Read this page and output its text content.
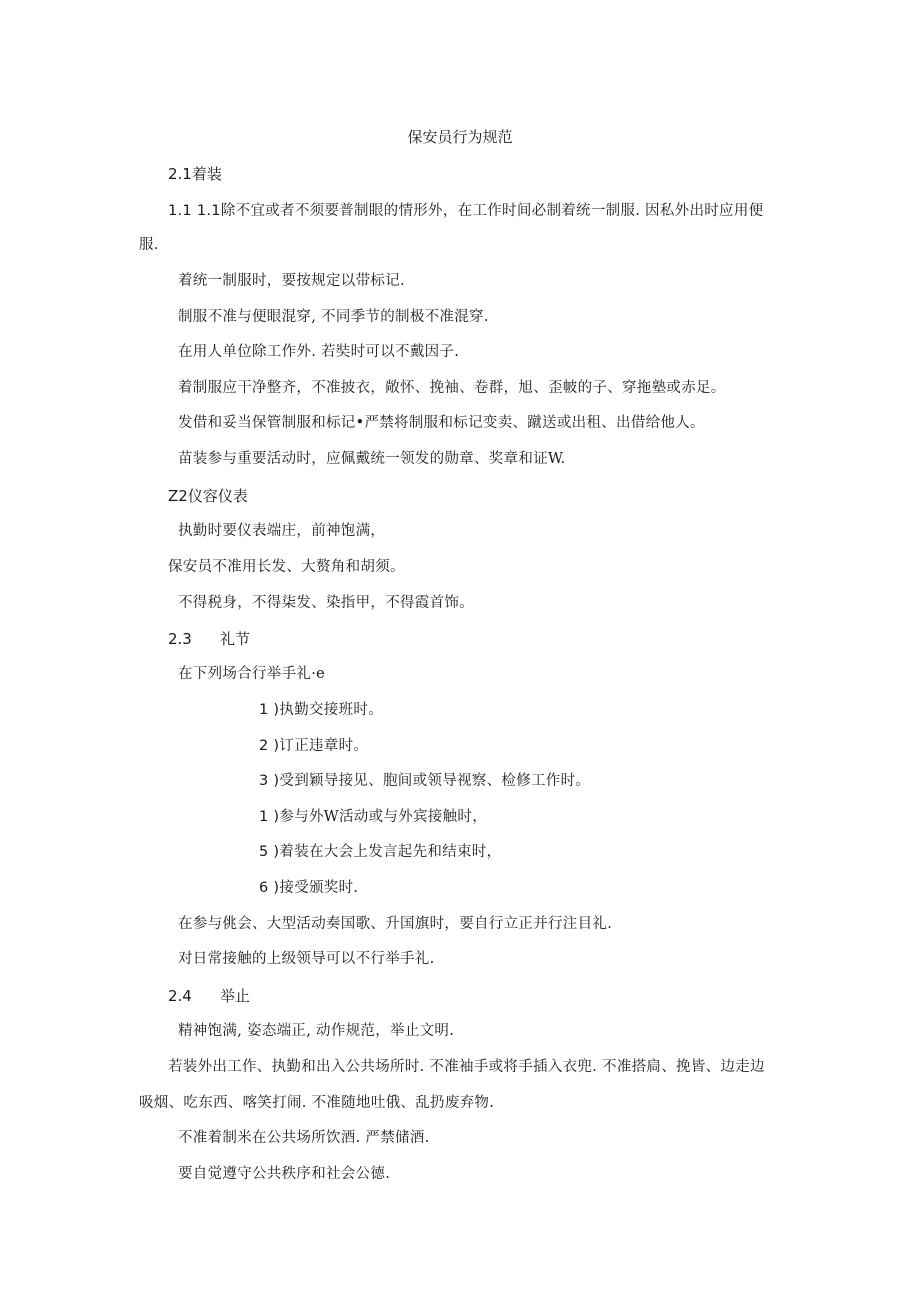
保安员行为规范
2.1着装
1.1 1.1除不宜或者不须要普制眼的情形外，在工作时间必制着统一制服. 因私外出时应用便
服.
着统一制服时，要按规定以带标记.
制服不准与便眼混穿, 不同季节的制极不准混穿.
在用人单位除工作外. 若奘时可以不戴因子.
着制服应干净整齐，不准披衣，敞怀、挽袖、卷群，旭、歪帔的子、穿拖塾或赤足。
发借和妥当保管制服和标记•严禁将制服和标记变卖、蹴送或出租、出借给他人。
苗装参与重要活动时，应佩戴统一领发的勋章、奖章和证W.
Z2仪容仪表
执勤时要仪表端庄，前神饱满，
保安员不准用长发、大赘角和胡须。
不得税身，不得柒发、染指甲，不得霞首饰。
2.3 礼节
在下列场合行举手礼·e
1 )执勤交接班时。
2 )订正违章时。
3 )受到颖导接见、胞间或领导视察、检修工作时。
1 )参与外W活动或与外宾接触时，
5 )着装在大会上发言起先和结束时，
6 )接受颁奖时.
在参与佻会、大型活动奏国歌、升国旗时，要自行立正并行注目礼.
对日常接触的上级领导可以不行举手礼.
2.4 举止
精神饱满, 姿态端正, 动作规范，举止文明.
若装外出工作、执勤和出入公共场所时. 不准袖手或将手插入衣兜. 不准搭扃、挽皆、边走边
吸烟、吃东西、喀笑打闹. 不准随地吐俄、乱扔废弃物.
不准着制米在公共场所饮酒. 严禁储酒.
要自觉遵守公共秩序和社会公德.
